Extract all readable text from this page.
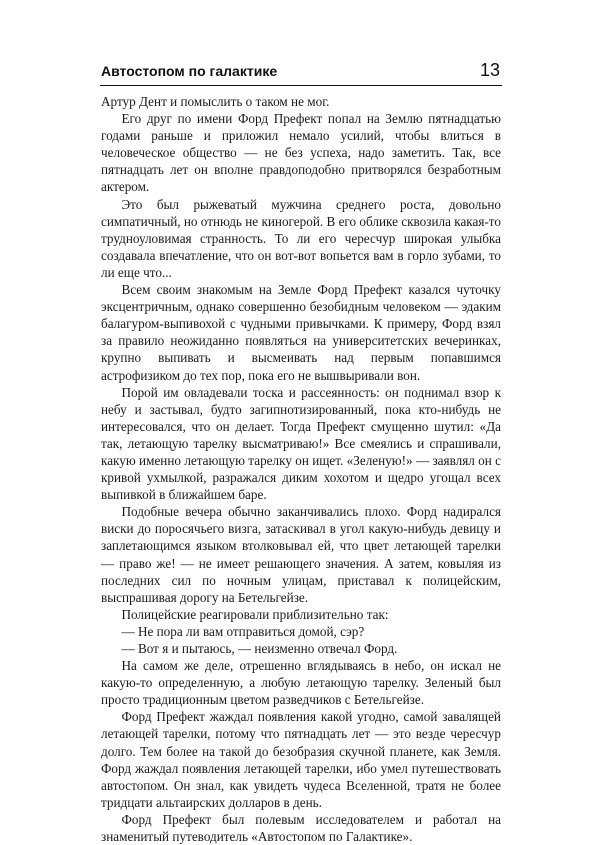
Автостопом по галактике	13

Артур Дент и помыслить о таком не мог.

Его друг по имени Форд Префект попал на Землю пятнадцатью годами раньше и приложил немало усилий, чтобы влиться в человеческое общество — не без успеха, надо заметить. Так, все пятнадцать лет он вполне правдоподобно притворялся безработным актером.

Это был рыжеватый мужчина среднего роста, довольно симпатичный, но отнюдь не киногерой. В его облике сквозила какая-то трудноуловимая странность. То ли его чересчур широкая улыбка создавала впечатление, что он вот-вот вопьется вам в горло зубами, то ли еще что...

Всем своим знакомым на Земле Форд Префект казался чуточку эксцентричным, однако совершенно безобидным человеком — эдаким балагуром-выпивохой с чудными привычками. К примеру, Форд взял за правило неожиданно появляться на университетских вечеринках, крупно выпивать и высмеивать над первым попавшимся астрофизиком до тех пор, пока его не вышвыривали вон.

Порой им овладевали тоска и рассеянность: он поднимал взор к небу и застывал, будто загипнотизированный, пока кто-нибудь не интересовался, что он делает. Тогда Префект смущенно шутил: «Да так, летающую тарелку высматриваю!» Все смеялись и спрашивали, какую именно летающую тарелку он ищет. «Зеленую!» — заявлял он с кривой ухмылкой, разражался диким хохотом и щедро угощал всех выпивкой в ближайшем баре.

Подобные вечера обычно заканчивались плохо. Форд надирался виски до поросячьего визга, затаскивал в угол какую-нибудь девицу и заплетающимся языком втолковывал ей, что цвет летающей тарелки — право же! — не имеет решающего значения. А затем, ковыляя из последних сил по ночным улицам, приставал к полицейским, выспрашивая дорогу на Бетельгейзе.

Полицейские реагировали приблизительно так:

— Не пора ли вам отправиться домой, сэр?

— Вот я и пытаюсь, — неизменно отвечал Форд.

На самом же деле, отрешенно вглядываясь в небо, он искал не какую-то определенную, а любую летающую тарелку. Зеленый был просто традиционным цветом разведчиков с Бетельгейзе.

Форд Префект жаждал появления какой угодно, самой завалящей летающей тарелки, потому что пятнадцать лет — это везде чересчур долго. Тем более на такой до безобразия скучной планете, как Земля. Форд жаждал появления летающей тарелки, ибо умел путешествовать автостопом. Он знал, как увидеть чудеса Вселенной, тратя не более тридцати альтаирских долларов в день.

Форд Префект был полевым исследователем и работал на знаменитый путеводитель «Автостопом по Галактике».
